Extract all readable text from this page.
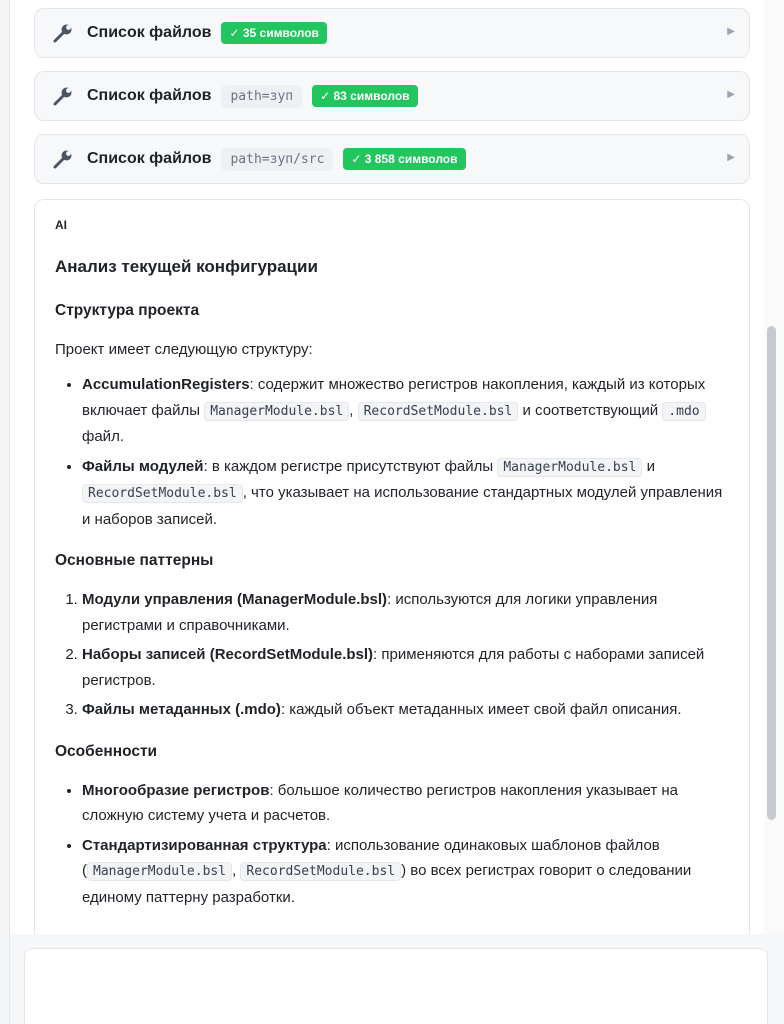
Список файлов	✓ 35 символов	▶
Список файлов	path=зуп	✓ 83 символов	▶
Список файлов	path=зуп/src	✓ 3 858 символов	▶
AI
Анализ текущей конфигурации
Структура проекта
Проект имеет следующую структуру:
• AccumulationRegisters: содержит множество регистров накопления, каждый из которых включает файлы ManagerModule.bsl , RecordSetModule.bsl и соответствующий .mdo файл.
• Файлы модулей: в каждом регистре присутствуют файлы ManagerModule.bsl и RecordSetModule.bsl , что указывает на использование стандартных модулей управления и наборов записей.
Основные паттерны
1. Модули управления (ManagerModule.bsl): используются для логики управления регистрами и справочниками.
2. Наборы записей (RecordSetModule.bsl): применяются для работы с наборами записей регистров.
3. Файлы метаданных (.mdo): каждый объект метаданных имеет свой файл описания.
Особенности
• Многообразие регистров: большое количество регистров накопления указывает на сложную систему учета и расчетов.
• Стандартизированная структура: использование одинаковых шаблонов файлов ( ManagerModule.bsl , RecordSetModule.bsl ) во всех регистрах говорит о следовании единому паттерну разработки.
